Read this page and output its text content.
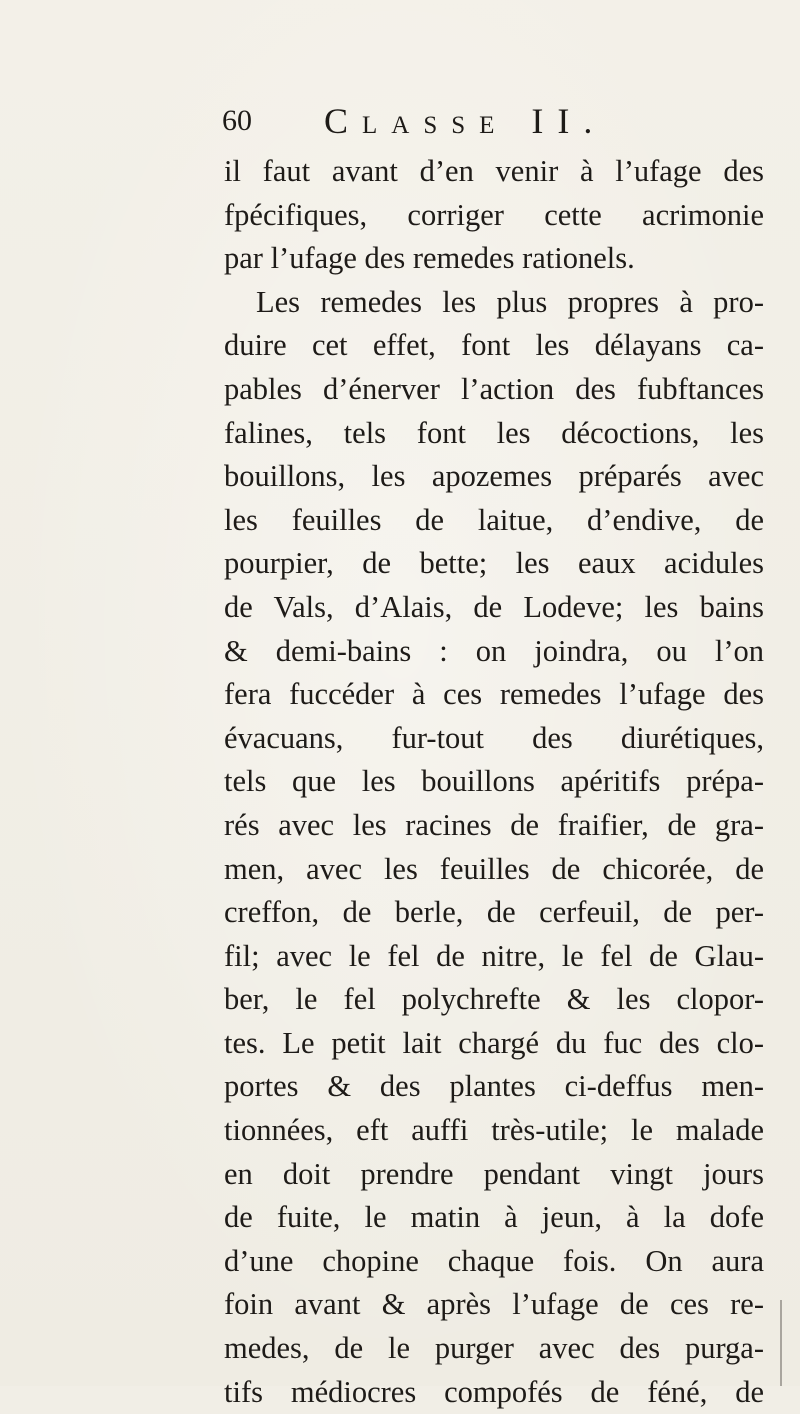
60 Classe II.
il faut avant d’en venir à l’ufage des
fpécifiques, corriger cette acrimonie
par l’ufage des remedes rationels.
Les remedes les plus propres à pro-
duire cet effet, font les délayans ca-
pables d’énerver l’action des fubftances
falines, tels font les décoctions, les
bouillons, les apozemes préparés avec
les feuilles de laitue, d’endive, de
pourpier, de bette; les eaux acidules
de Vals, d’Alais, de Lodeve; les bains
& demi-bains : on joindra, ou l’on
fera fuccéder à ces remedes l’ufage des
évacuans, fur-tout des diurétiques,
tels que les bouillons apéritifs prépa-
rés avec les racines de fraifier, de gra-
men, avec les feuilles de chicorée, de
creffon, de berle, de cerfeuil, de per-
fil; avec le fel de nitre, le fel de Glau-
ber, le fel polychrefte & les clopor-
tes. Le petit lait chargé du fuc des clo-
portes & des plantes ci-deffus men-
tionnées, eft auffi très-utile; le malade
en doit prendre pendant vingt jours
de fuite, le matin à jeun, à la dofe
d’une chopine chaque fois. On aura
foin avant & après l’ufage de ces re-
medes, de le purger avec des purga-
tifs médiocres compofés de féné, de
